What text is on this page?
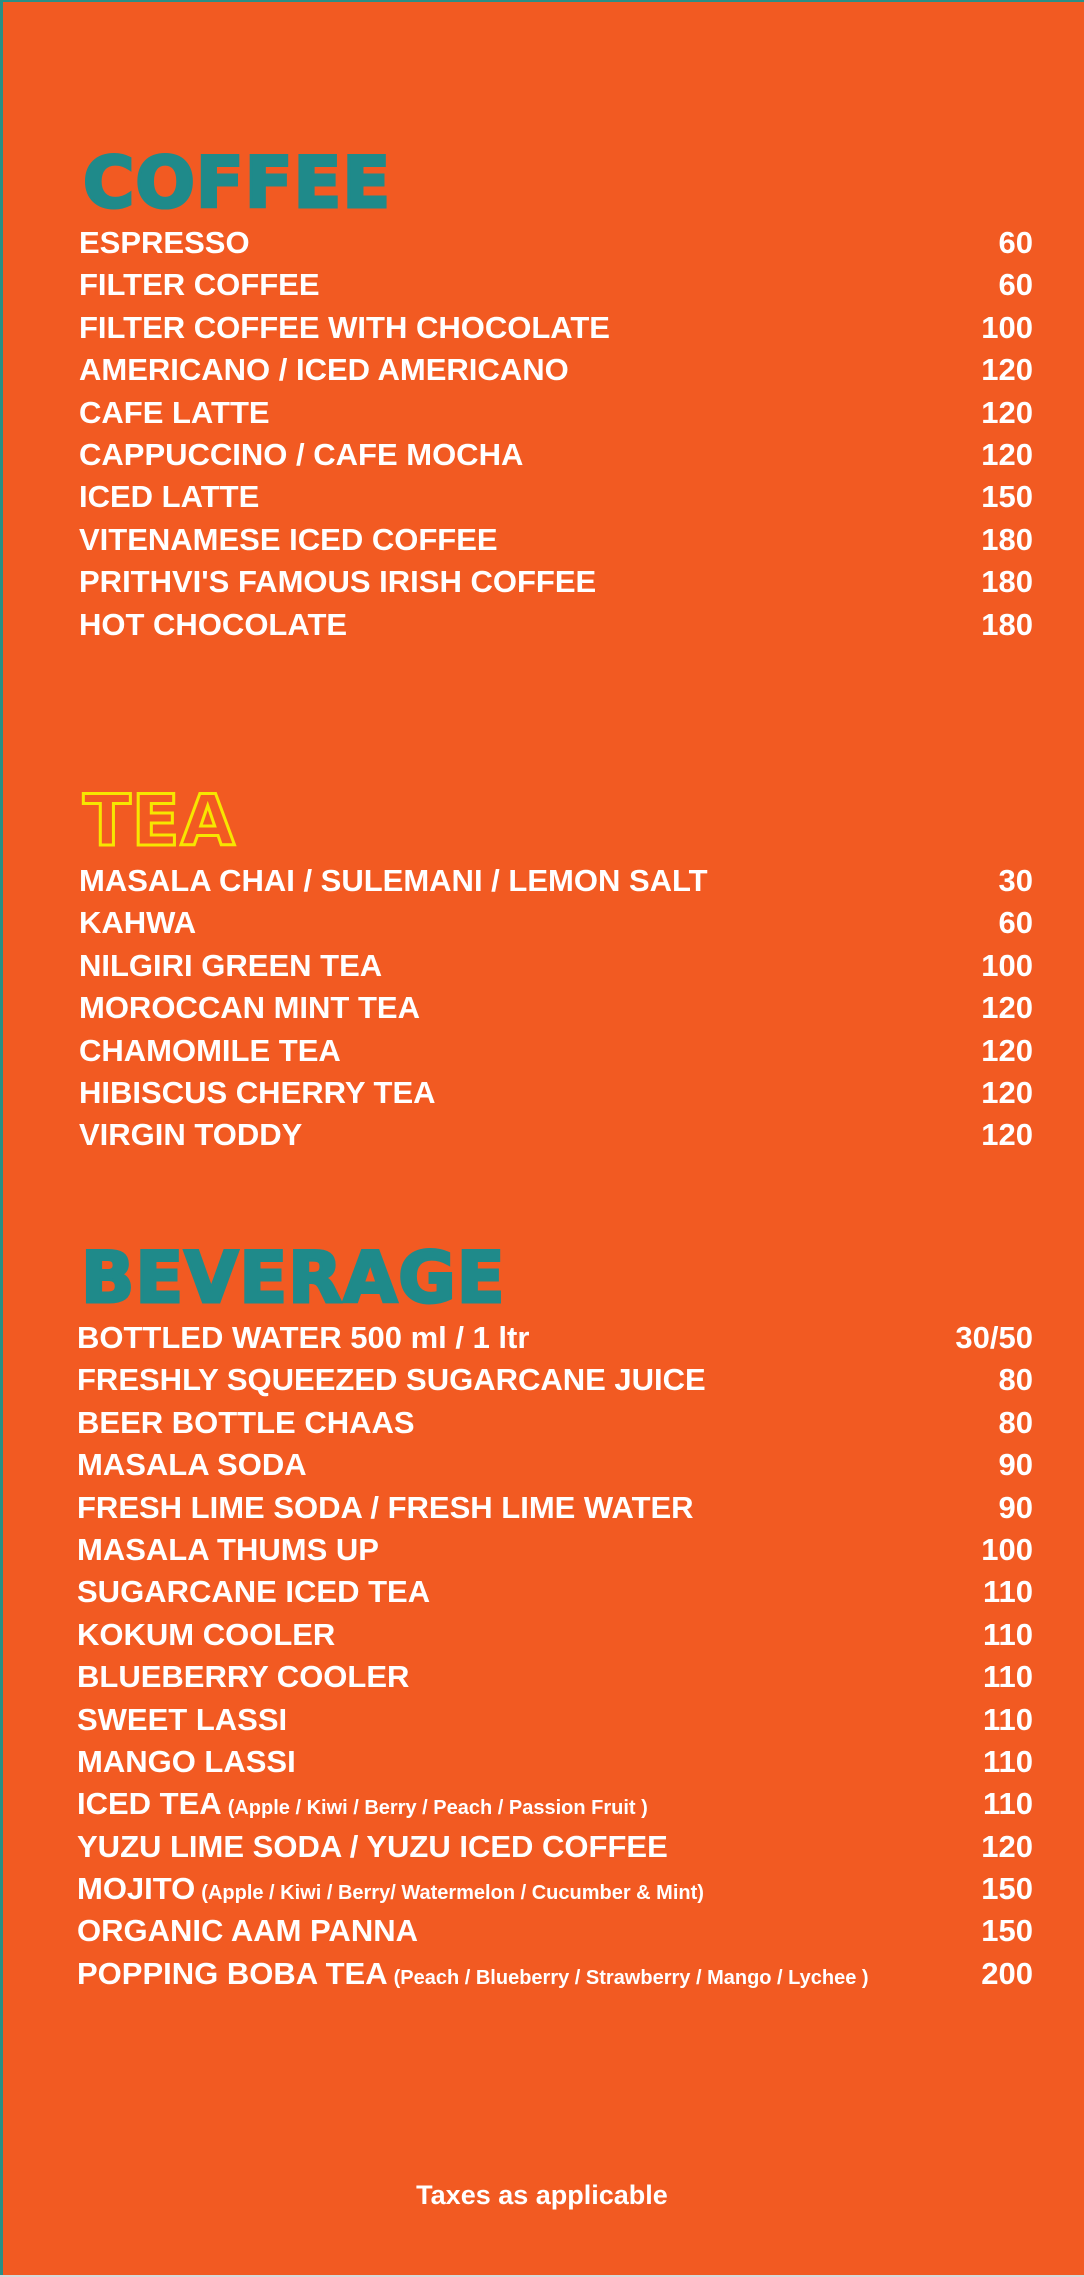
COFFEE
ESPRESSO	60
FILTER COFFEE	60
FILTER COFFEE WITH CHOCOLATE	100
AMERICANO / ICED AMERICANO	120
CAFE LATTE	120
CAPPUCCINO / CAFE MOCHA	120
ICED LATTE	150
VITENAMESE ICED COFFEE	180
PRITHVI'S FAMOUS IRISH COFFEE	180
HOT CHOCOLATE	180
TEA
MASALA CHAI / SULEMANI / LEMON SALT	30
KAHWA	60
NILGIRI GREEN TEA	100
MOROCCAN MINT TEA	120
CHAMOMILE TEA	120
HIBISCUS CHERRY TEA	120
VIRGIN TODDY	120
BEVERAGE
BOTTLED WATER 500 ml / 1 ltr	30/50
FRESHLY SQUEEZED SUGARCANE JUICE	80
BEER BOTTLE CHAAS	80
MASALA SODA	90
FRESH LIME SODA / FRESH LIME WATER	90
MASALA THUMS UP	100
SUGARCANE ICED TEA	110
KOKUM COOLER	110
BLUEBERRY COOLER	110
SWEET LASSI	110
MANGO LASSI	110
ICED TEA (Apple / Kiwi / Berry / Peach / Passion Fruit )	110
YUZU LIME SODA / YUZU ICED COFFEE	120
MOJITO (Apple / Kiwi / Berry/ Watermelon / Cucumber & Mint)	150
ORGANIC AAM PANNA	150
POPPING BOBA TEA (Peach / Blueberry / Strawberry / Mango / Lychee )	200
Taxes as applicable
